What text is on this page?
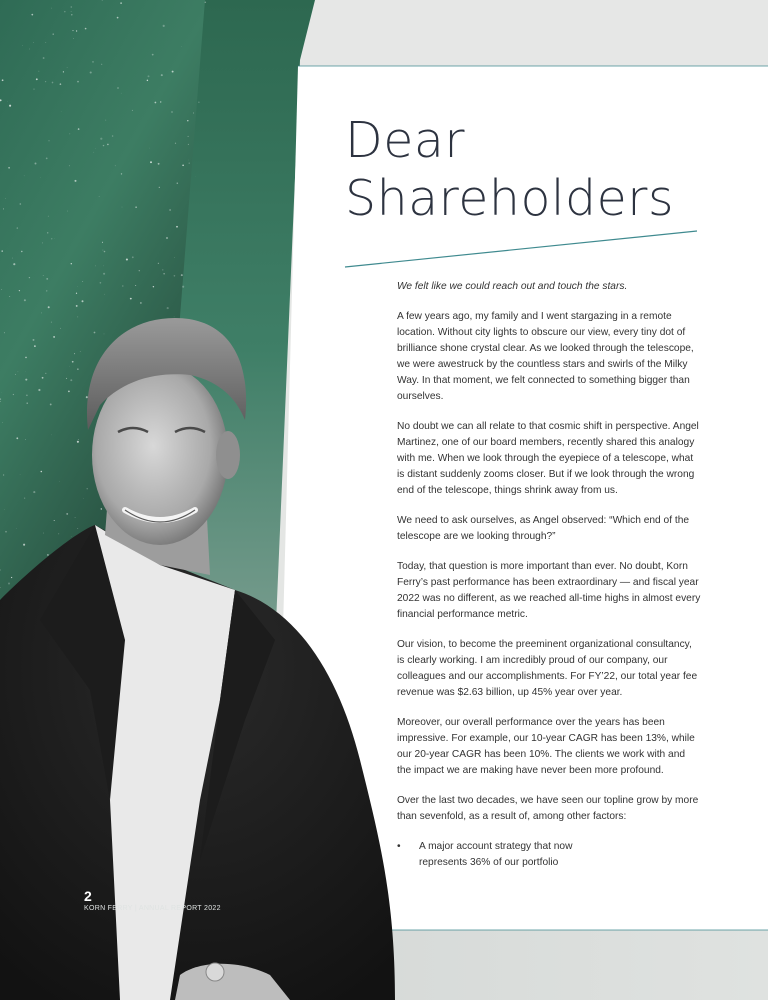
Dear
Shareholders

We felt like we could reach out and touch the stars.

A few years ago, my family and I went stargazing in a remote location. Without city lights to obscure our view, every tiny dot of brilliance shone crystal clear. As we looked through the telescope, we were awestruck by the countless stars and swirls of the Milky Way. In that moment, we felt connected to something bigger than ourselves.

No doubt we can all relate to that cosmic shift in perspective. Angel Martinez, one of our board members, recently shared this analogy with me. When we look through the eyepiece of a telescope, what is distant suddenly zooms closer. But if we look through the wrong end of the telescope, things shrink away from us.

We need to ask ourselves, as Angel observed: “Which end of the telescope are we looking through?”

Today, that question is more important than ever. No doubt, Korn Ferry’s past performance has been extraordinary — and fiscal year 2022 was no different, as we reached all-time highs in almost every financial performance metric.

Our vision, to become the preeminent organizational consultancy, is clearly working. I am incredibly proud of our company, our colleagues and our accomplishments. For FY’22, our total year fee revenue was $2.63 billion, up 45% year over year.

Moreover, our overall performance over the years has been impressive. For example, our 10-year CAGR has been 13%, while our 20-year CAGR has been 10%. The clients we work with and the impact we are making have never been more profound.

Over the last two decades, we have seen our topline grow by more than sevenfold, as a result of, among other factors:

• A major account strategy that now represents 36% of our portfolio
2
KORN FERRY | ANNUAL REPORT 2022
